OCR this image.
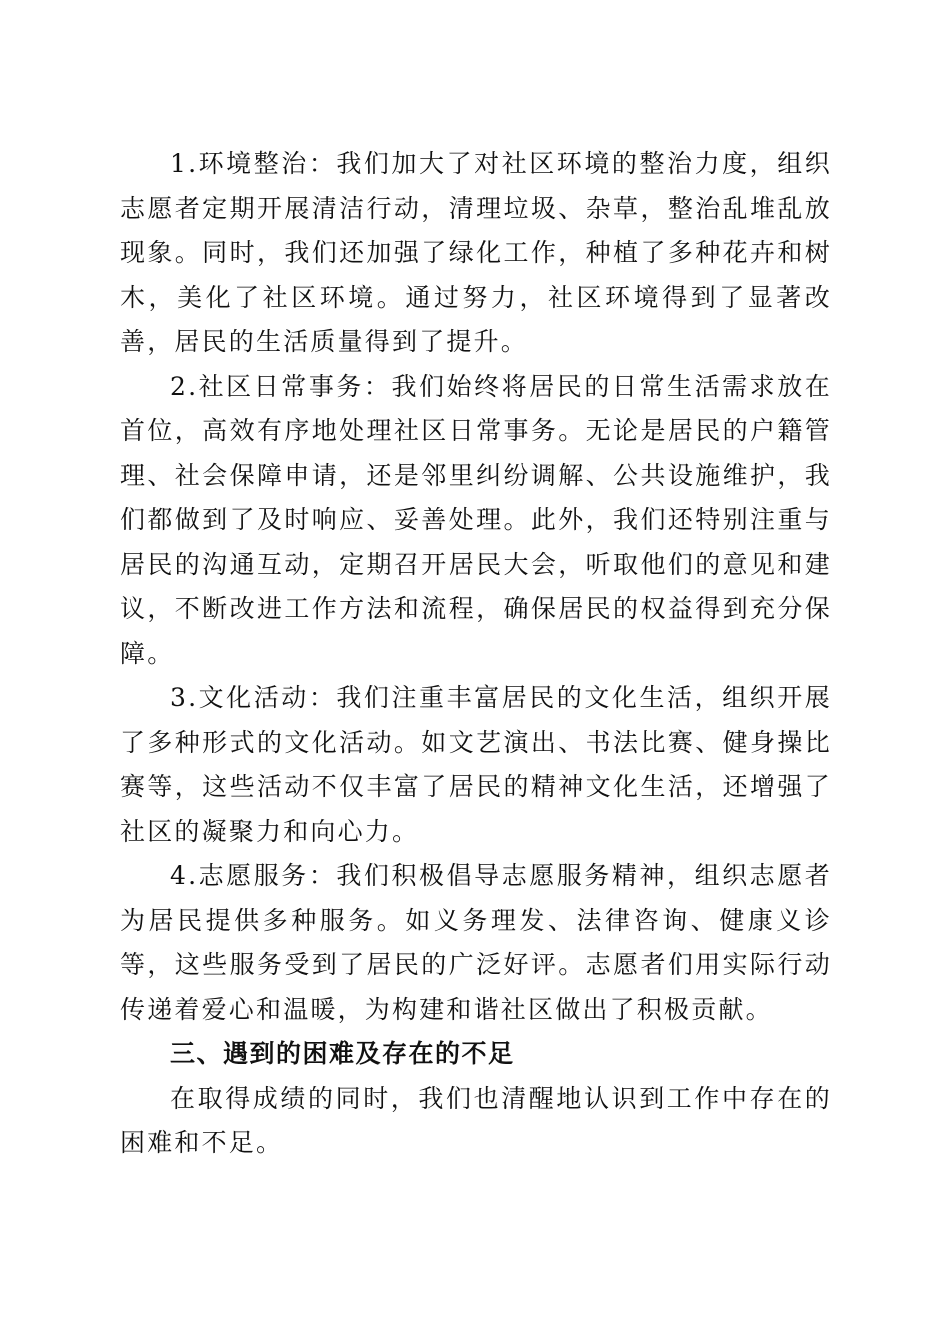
1.环境整治：我们加大了对社区环境的整治力度，组织志愿者定期开展清洁行动，清理垃圾、杂草，整治乱堆乱放现象。同时，我们还加强了绿化工作，种植了多种花卉和树木，美化了社区环境。通过努力，社区环境得到了显著改善，居民的生活质量得到了提升。

2.社区日常事务：我们始终将居民的日常生活需求放在首位，高效有序地处理社区日常事务。无论是居民的户籍管理、社会保障申请，还是邻里纠纷调解、公共设施维护，我们都做到了及时响应、妥善处理。此外，我们还特别注重与居民的沟通互动，定期召开居民大会，听取他们的意见和建议，不断改进工作方法和流程，确保居民的权益得到充分保障。

3.文化活动：我们注重丰富居民的文化生活，组织开展了多种形式的文化活动。如文艺演出、书法比赛、健身操比赛等，这些活动不仅丰富了居民的精神文化生活，还增强了社区的凝聚力和向心力。

4.志愿服务：我们积极倡导志愿服务精神，组织志愿者为居民提供多种服务。如义务理发、法律咨询、健康义诊等，这些服务受到了居民的广泛好评。志愿者们用实际行动传递着爱心和温暖，为构建和谐社区做出了积极贡献。

三、遇到的困难及存在的不足

在取得成绩的同时，我们也清醒地认识到工作中存在的困难和不足。
